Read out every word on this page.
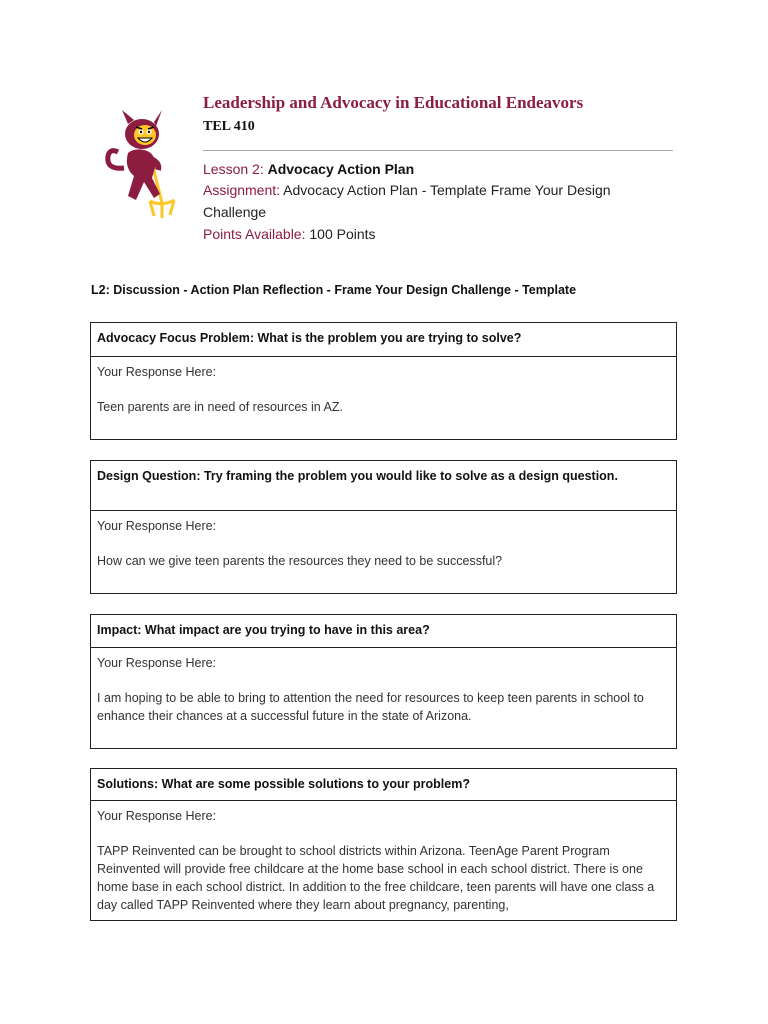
Leadership and Advocacy in Educational Endeavors
TEL 410
Lesson 2: Advocacy Action Plan
Assignment: Advocacy Action Plan - Template Frame Your Design Challenge
Points Available: 100 Points
L2: Discussion - Action Plan Reflection - Frame Your Design Challenge - Template
Advocacy Focus Problem: What is the problem you are trying to solve?
Your Response Here:
Teen parents are in need of resources in AZ.
Design Question: Try framing the problem you would like to solve as a design question.
Your Response Here:
How can we give teen parents the resources they need to be successful?
Impact: What impact are you trying to have in this area?
Your Response Here:
I am hoping to be able to bring to attention the need for resources to keep teen parents in school to enhance their chances at a successful future in the state of Arizona.
Solutions: What are some possible solutions to your problem?
Your Response Here:
TAPP Reinvented can be brought to school districts within Arizona. TeenAge Parent Program Reinvented will provide free childcare at the home base school in each school district. There is one home base in each school district. In addition to the free childcare, teen parents will have one class a day called TAPP Reinvented where they learn about pregnancy, parenting,
